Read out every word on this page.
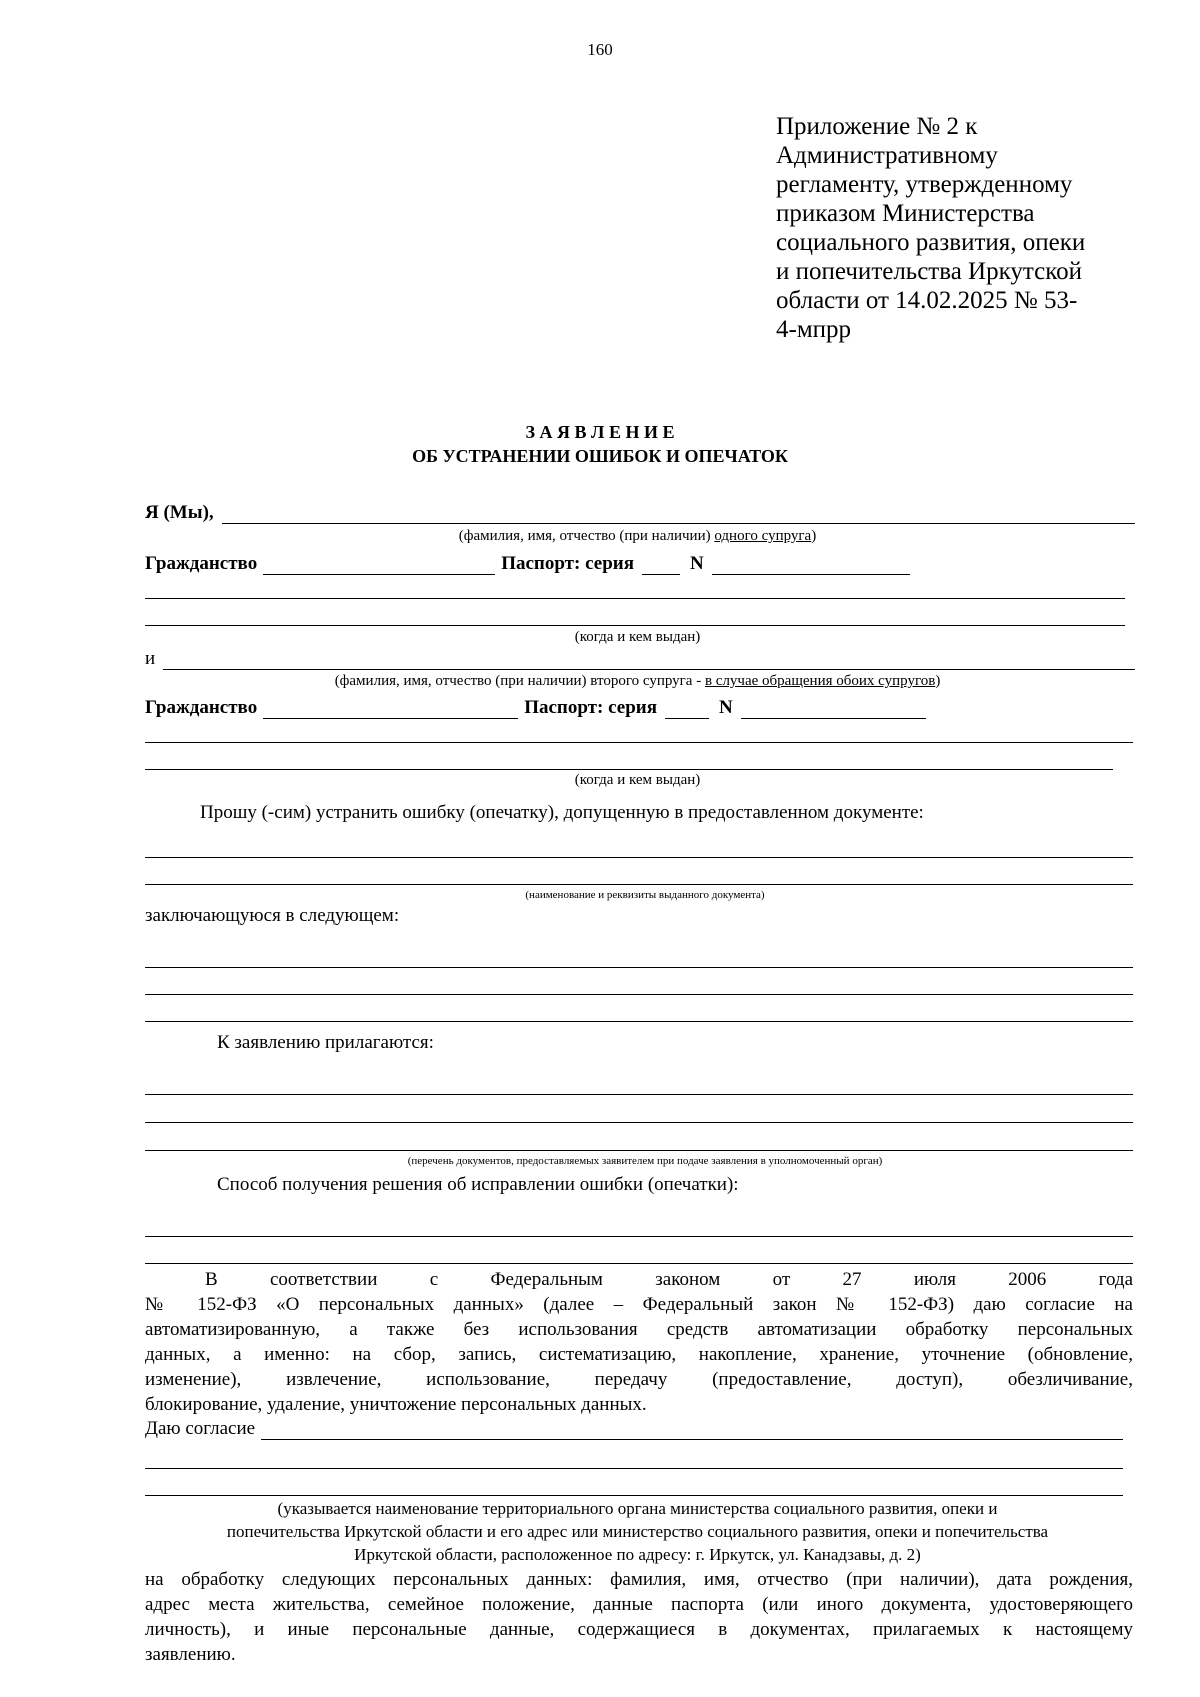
160
Приложение № 2 к
Административному
регламенту, утвержденному
приказом Министерства
социального развития, опеки
и попечительства Иркутской
области от 14.02.2025 № 53-
4-мпрр
З А Я В Л Е Н И Е
ОБ УСТРАНЕНИИ ОШИБОК И ОПЕЧАТОК
Я (Мы),
(фамилия, имя, отчество (при наличии) одного супруга)
Гражданство	Паспорт : серия	N
(когда и кем выдан)
и
(фамилия, имя, отчество (при наличии) второго супруга - в случае обращения обоих супругов)
Гражданство	Паспорт : серия	N
(когда и кем выдан)
Прошу (-сим) устранить ошибку (опечатку), допущенную в предоставленном документе:
(наименование и реквизиты выданного документа)
заключающуюся в следующем:
К заявлению прилагаются:
(перечень документов, предоставляемых заявителем при подаче заявления в уполномоченный орган)
Способ получения решения об исправлении ошибки (опечатки):
В соответствии с Федеральным законом от 27 июля 2006 года
№ 152-ФЗ «О персональных данных» (далее – Федеральный закон № 152-ФЗ) даю согласие на
автоматизированную, а также без использования средств автоматизации обработку персональных
данных, а именно: на сбор, запись, систематизацию, накопление, хранение, уточнение (обновление,
изменение), извлечение, использование, передачу (предоставление, доступ), обезличивание,
блокирование, удаление, уничтожение персональных данных.
Даю согласие
(указывается наименование территориального органа министерства социального развития, опеки и
попечительства Иркутской области и его адрес или министерство социального развития, опеки и попечительства
Иркутской области, расположенное по адресу: г. Иркутск, ул. Канадзавы, д. 2)
на обработку следующих персональных данных: фамилия, имя, отчество (при наличии), дата рождения,
адрес места жительства, семейное положение, данные паспорта (или иного документа, удостоверяющего
личность), и иные персональные данные, содержащиеся в документах, прилагаемых к настоящему
заявлению.
